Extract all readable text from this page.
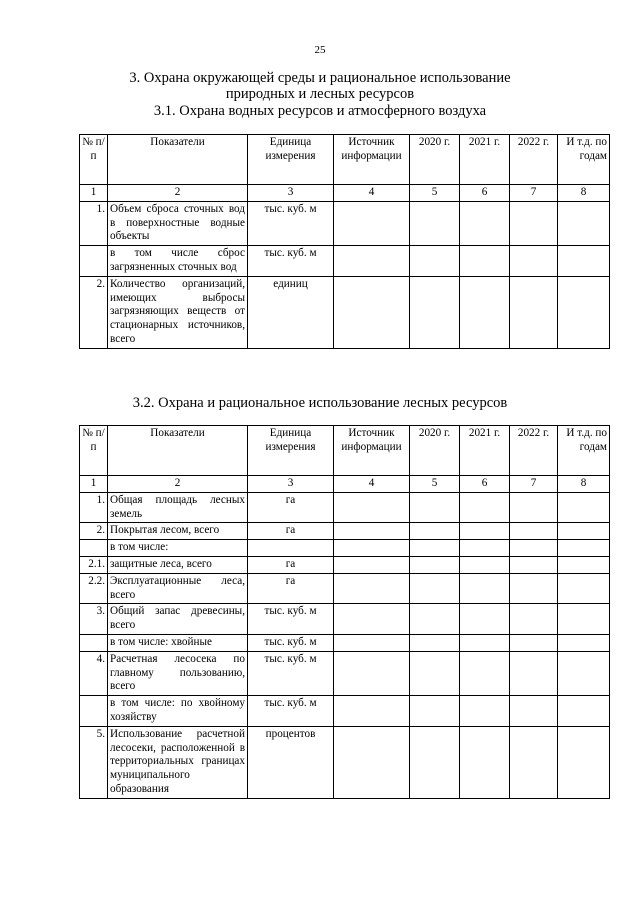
25
3. Охрана окружающей среды и рациональное использование
природных и лесных ресурсов
3.1. Охрана водных ресурсов и атмосферного воздуха
№ п/п	Показатели	Единица измерения	Источник информации	2020 г.	2021 г.	2022 г.	И т.д. по годам
1	2	3	4	5	6	7	8
1.	Объем сброса сточных вод в поверхностные водные объекты	тыс. куб. м					
	в том числе сброс загрязненных сточных вод	тыс. куб. м					
2.	Количество организаций, имеющих выбросы загрязняющих веществ от стационарных источников, всего	единиц					
3.2. Охрана и рациональное использование лесных ресурсов
№ п/п	Показатели	Единица измерения	Источник информации	2020 г.	2021 г.	2022 г.	И т.д. по годам
1	2	3	4	5	6	7	8
1.	Общая площадь лесных земель	га					
2.	Покрытая лесом, всего	га					
	в том числе:						
2.1.	защитные леса, всего	га					
2.2.	Эксплуатационные леса, всего	га					
3.	Общий запас древесины, всего	тыс. куб. м					
	в том числе: хвойные	тыс. куб. м					
4.	Расчетная лесосека по главному пользованию, всего	тыс. куб. м					
	в том числе: по хвойному хозяйству	тыс. куб. м					
5.	Использование расчетной лесосеки, расположенной в территориальных границах муниципального образования	процентов					
